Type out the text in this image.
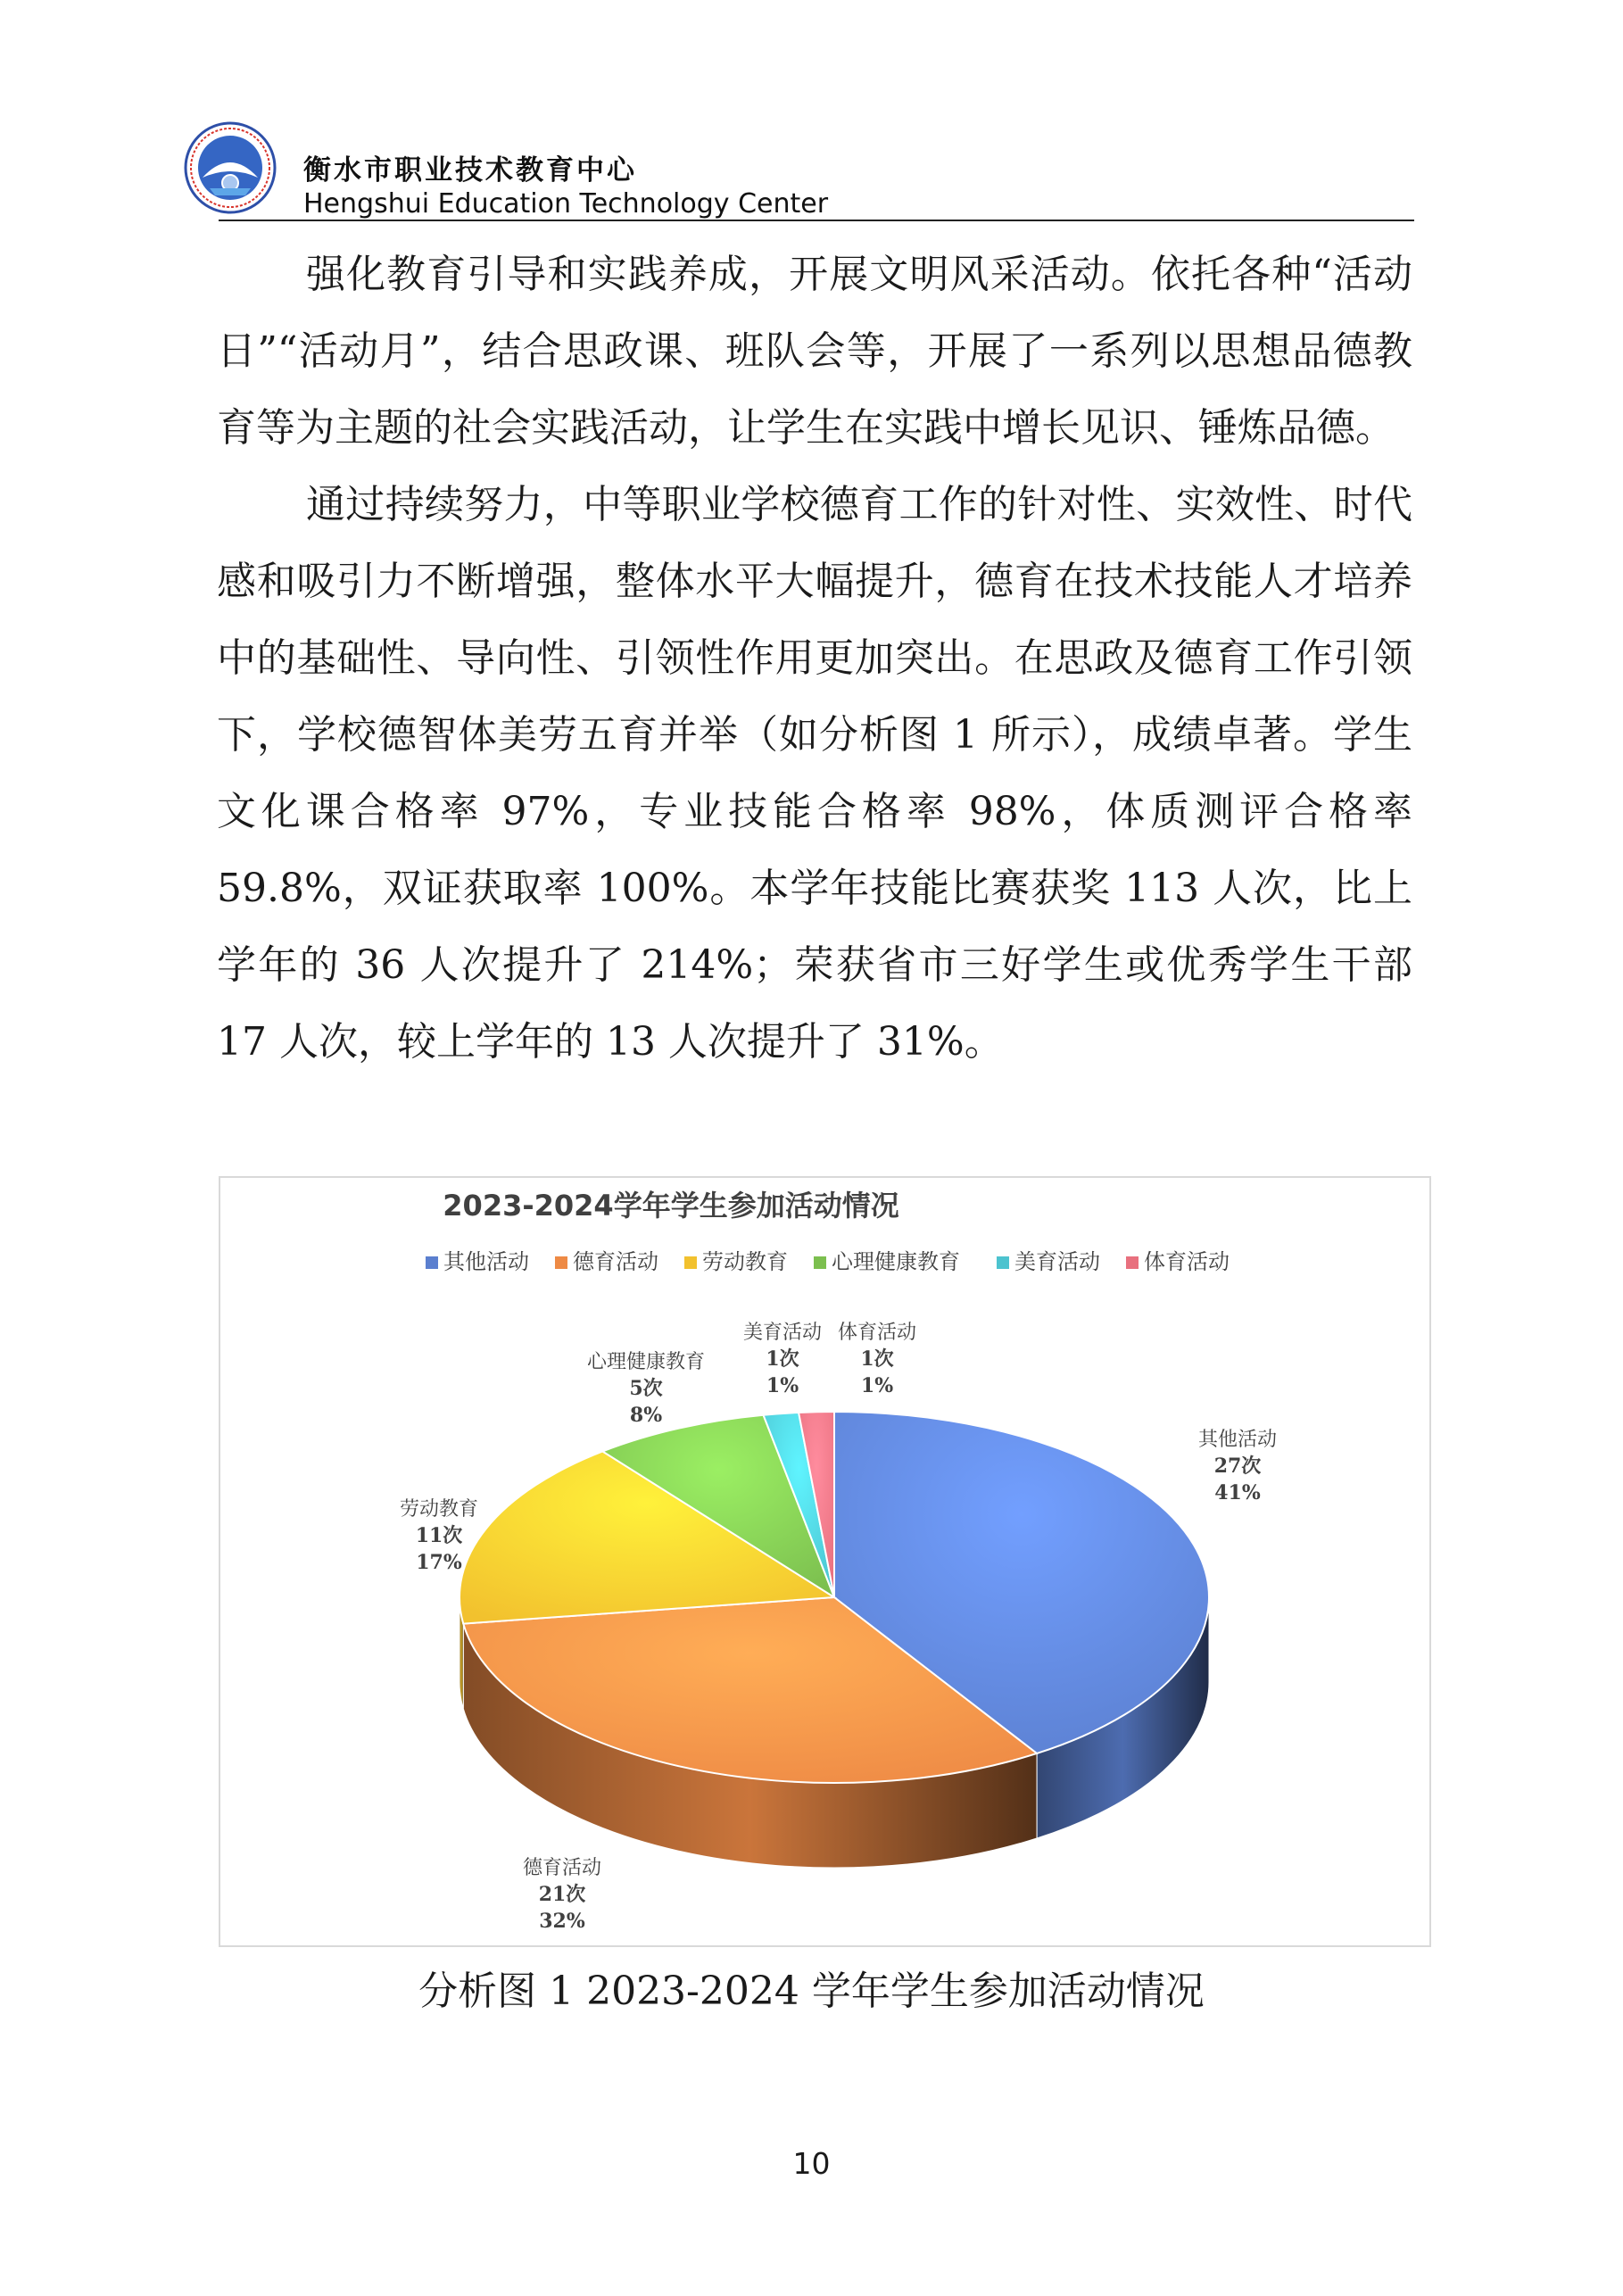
衡水市职业技术教育中心
Hengshui Education Technology Center

强化教育引导和实践养成，开展文明风采活动。依托各种“活动日”“活动月”，结合思政课、班队会等，开展了一系列以思想品德教育等为主题的社会实践活动，让学生在实践中增长见识、锤炼品德。

通过持续努力，中等职业学校德育工作的针对性、实效性、时代感和吸引力不断增强，整体水平大幅提升，德育在技术技能人才培养中的基础性、导向性、引领性作用更加突出。在思政及德育工作引领下，学校德智体美劳五育并举（如分析图 1 所示），成绩卓著。学生文化课合格率 97%，专业技能合格率 98%，体质测评合格率 59.8%，双证获取率 100%。本学年技能比赛获奖 113 人次，比上学年的 36 人次提升了 214%；荣获省市三好学生或优秀学生干部 17 人次，较上学年的 13 人次提升了 31%。

2023-2024学年学生参加活动情况
其他活动 德育活动 劳动教育 心理健康教育	美育活动 体育活动
其他活动
27次
41%
德育活动
21次
32%
劳动教育
11次
17%
心理健康教育
5次
8%
美育活动
1次
1%
体育活动
1次
1%
分析图 1 2023-2024 学年学生参加活动情况
10
